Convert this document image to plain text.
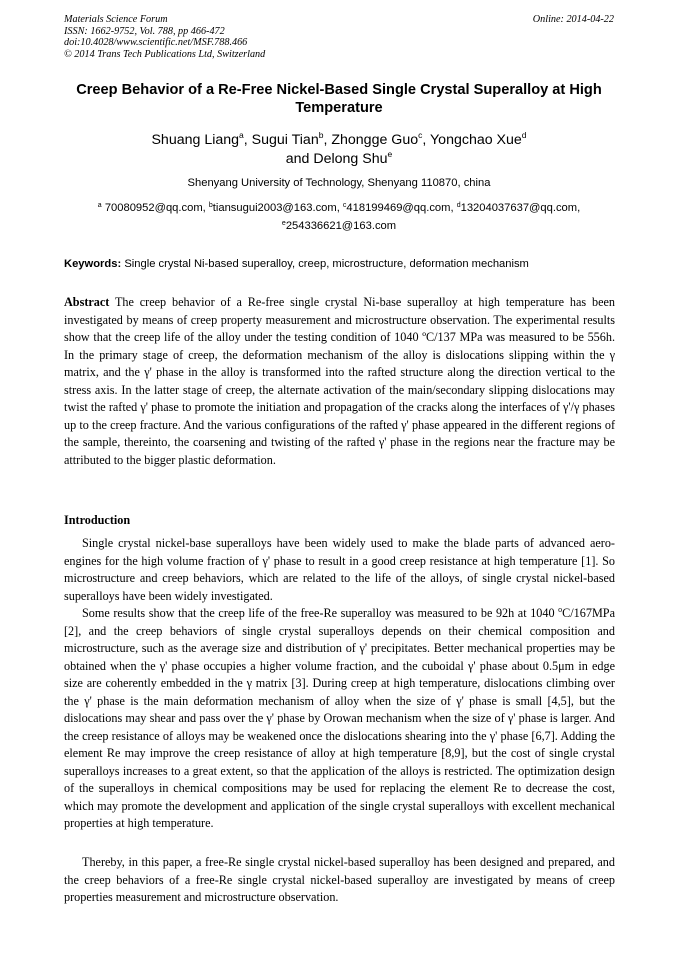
Materials Science Forum
ISSN: 1662-9752, Vol. 788, pp 466-472
doi:10.4028/www.scientific.net/MSF.788.466
© 2014 Trans Tech Publications Ltd, Switzerland
Online: 2014-04-22
Creep Behavior of a Re-Free Nickel-Based Single Crystal Superalloy at High Temperature
Shuang Liang$^a$, Sugui Tian$^b$, Zhongge Guo$^c$, Yongchao Xue$^d$
and Delong Shu$^e$
Shenyang University of Technology, Shenyang 110870, china
$^a$ 70080952@qq.com, $^b$tiansugui2003@163.com, $^c$418199469@qq.com, $^d$13204037637@qq.com,
$^e$254336621@163.com
Keywords: Single crystal Ni-based superalloy, creep, microstructure, deformation mechanism
Abstract The creep behavior of a Re-free single crystal Ni-base superalloy at high temperature has been investigated by means of creep property measurement and microstructure observation. The experimental results show that the creep life of the alloy under the testing condition of 1040 ºC/137 MPa was measured to be 556h. In the primary stage of creep, the deformation mechanism of the alloy is dislocations slipping within the γ matrix, and the γ' phase in the alloy is transformed into the rafted structure along the direction vertical to the stress axis. In the latter stage of creep, the alternate activation of the main/secondary slipping dislocations may twist the rafted γ' phase to promote the initiation and propagation of the cracks along the interfaces of γ'/γ phases up to the creep fracture. And the various configurations of the rafted γ' phase appeared in the different regions of the sample, thereinto, the coarsening and twisting of the rafted γ' phase in the regions near the fracture may be attributed to the bigger plastic deformation.
Introduction
Single crystal nickel-base superalloys have been widely used to make the blade parts of advanced aero-engines for the high volume fraction of γ' phase to result in a good creep resistance at high temperature [1]. So microstructure and creep behaviors, which are related to the life of the alloys, of single crystal nickel-based superalloys have been widely investigated.
Some results show that the creep life of the free-Re superalloy was measured to be 92h at 1040 $^o$C/167MPa [2], and the creep behaviors of single crystal superalloys depends on their chemical composition and microstructure, such as the average size and distribution of γ' precipitates. Better mechanical properties may be obtained when the γ' phase occupies a higher volume fraction, and the cuboidal γ' phase about 0.5μm in edge size are coherently embedded in the γ matrix [3]. During creep at high temperature, dislocations climbing over the γ' phase is the main deformation mechanism of alloy when the size of γ' phase is small [4,5], but the dislocations may shear and pass over the γ' phase by Orowan mechanism when the size of γ' phase is larger. And the creep resistance of alloys may be weakened once the dislocations shearing into the γ' phase [6,7]. Adding the element Re may improve the creep resistance of alloy at high temperature [8,9], but the cost of single crystal superalloys increases to a great extent, so that the application of the alloys is restricted. The optimization design of the superalloys in chemical compositions may be used for replacing the element Re to decrease the cost, which may promote the development and application of the single crystal superalloys with excellent mechanical properties at high temperature.
Thereby, in this paper, a free-Re single crystal nickel-based superalloy has been designed and prepared, and the creep behaviors of a free-Re single crystal nickel-based superalloy are investigated by means of creep properties measurement and microstructure observation.
